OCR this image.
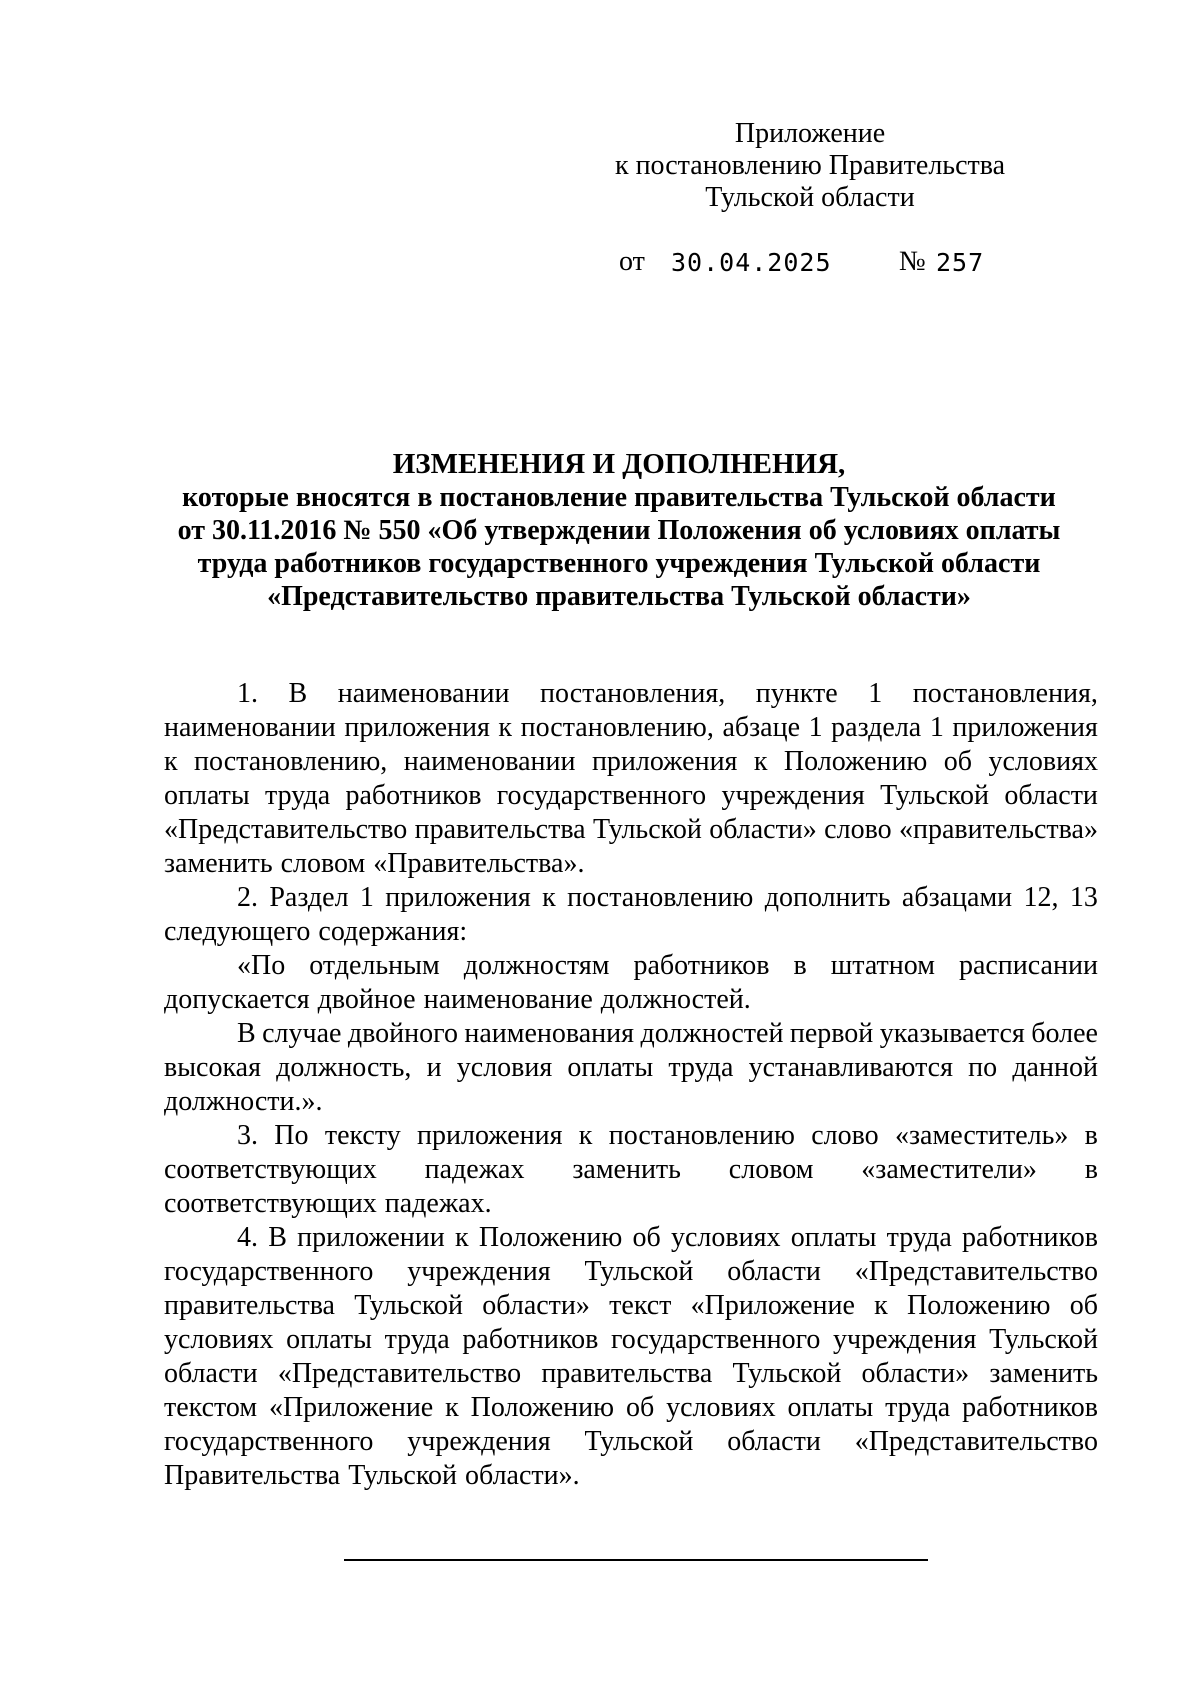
Приложение
к постановлению Правительства
Тульской области
от 30.04.2025 № 257
ИЗМЕНЕНИЯ И ДОПОЛНЕНИЯ,
которые вносятся в постановление правительства Тульской области
от 30.11.2016 № 550 «Об утверждении Положения об условиях оплаты
труда работников государственного учреждения Тульской области
«Представительство правительства Тульской области»
1. В наименовании постановления, пункте 1 постановления,
наименовании приложения к постановлению, абзаце 1 раздела 1 приложения
к постановлению, наименовании приложения к Положению об условиях
оплаты труда работников государственного учреждения Тульской области
«Представительство правительства Тульской области» слово «правительства»
заменить словом «Правительства».
2. Раздел 1 приложения к постановлению дополнить абзацами 12, 13
следующего содержания:
«По отдельным должностям работников в штатном расписании
допускается двойное наименование должностей.
В случае двойного наименования должностей первой указывается более
высокая должность, и условия оплаты труда устанавливаются по данной
должности.».
3. По тексту приложения к постановлению слово «заместитель» в
соответствующих падежах заменить словом «заместители» в
соответствующих падежах.
4. В приложении к Положению об условиях оплаты труда работников
государственного учреждения Тульской области «Представительство
правительства Тульской области» текст «Приложение к Положению об
условиях оплаты труда работников государственного учреждения Тульской
области «Представительство правительства Тульской области» заменить
текстом «Приложение к Положению об условиях оплаты труда работников
государственного учреждения Тульской области «Представительство
Правительства Тульской области».
